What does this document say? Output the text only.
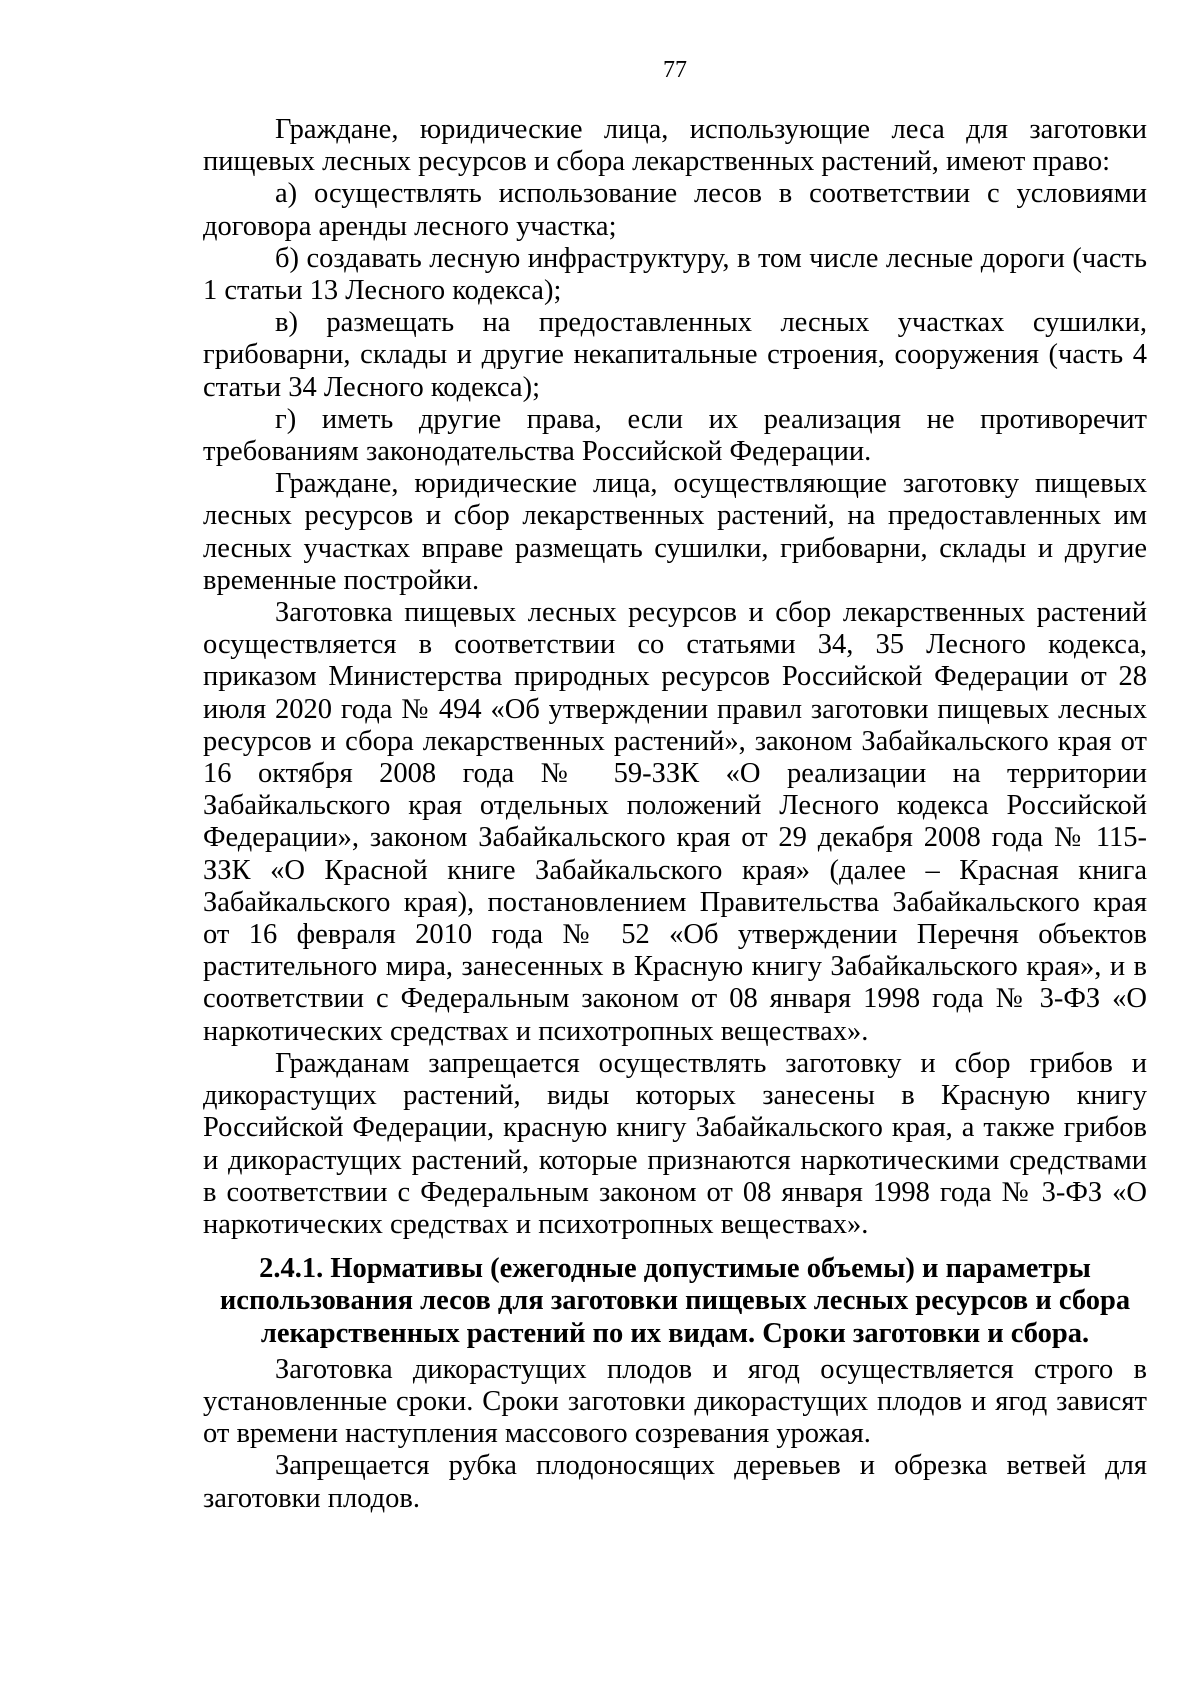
77

Граждане, юридические лица, использующие леса для заготовки пищевых лесных ресурсов и сбора лекарственных растений, имеют право:

а) осуществлять использование лесов в соответствии с условиями договора аренды лесного участка;

б) создавать лесную инфраструктуру, в том числе лесные дороги (часть 1 статьи 13 Лесного кодекса);

в) размещать на предоставленных лесных участках сушилки, грибоварни, склады и другие некапитальные строения, сооружения (часть 4 статьи 34 Лесного кодекса);

г) иметь другие права, если их реализация не противоречит требованиям законодательства Российской Федерации.

Граждане, юридические лица, осуществляющие заготовку пищевых лесных ресурсов и сбор лекарственных растений, на предоставленных им лесных участках вправе размещать сушилки, грибоварни, склады и другие временные постройки.

Заготовка пищевых лесных ресурсов и сбор лекарственных растений осуществляется в соответствии со статьями 34, 35 Лесного кодекса, приказом Министерства природных ресурсов Российской Федерации от 28 июля 2020 года № 494 «Об утверждении правил заготовки пищевых лесных ресурсов и сбора лекарственных растений», законом Забайкальского края от 16 октября 2008 года № 59-ЗЗК «О реализации на территории Забайкальского края отдельных положений Лесного кодекса Российской Федерации», законом Забайкальского края от 29 декабря 2008 года № 115-ЗЗК «О Красной книге Забайкальского края» (далее – Красная книга Забайкальского края), постановлением Правительства Забайкальского края от 16 февраля 2010 года № 52 «Об утверждении Перечня объектов растительного мира, занесенных в Красную книгу Забайкальского края», и в соответствии с Федеральным законом от 08 января 1998 года № 3-ФЗ «О наркотических средствах и психотропных веществах».

Гражданам запрещается осуществлять заготовку и сбор грибов и дикорастущих растений, виды которых занесены в Красную книгу Российской Федерации, красную книгу Забайкальского края, а также грибов и дикорастущих растений, которые признаются наркотическими средствами в соответствии с Федеральным законом от 08 января 1998 года № 3-ФЗ «О наркотических средствах и психотропных веществах».

2.4.1. Нормативы (ежегодные допустимые объемы) и параметры использования лесов для заготовки пищевых лесных ресурсов и сбора лекарственных растений по их видам. Сроки заготовки и сбора.

Заготовка дикорастущих плодов и ягод осуществляется строго в установленные сроки. Сроки заготовки дикорастущих плодов и ягод зависят от времени наступления массового созревания урожая.

Запрещается рубка плодоносящих деревьев и обрезка ветвей для заготовки плодов.
